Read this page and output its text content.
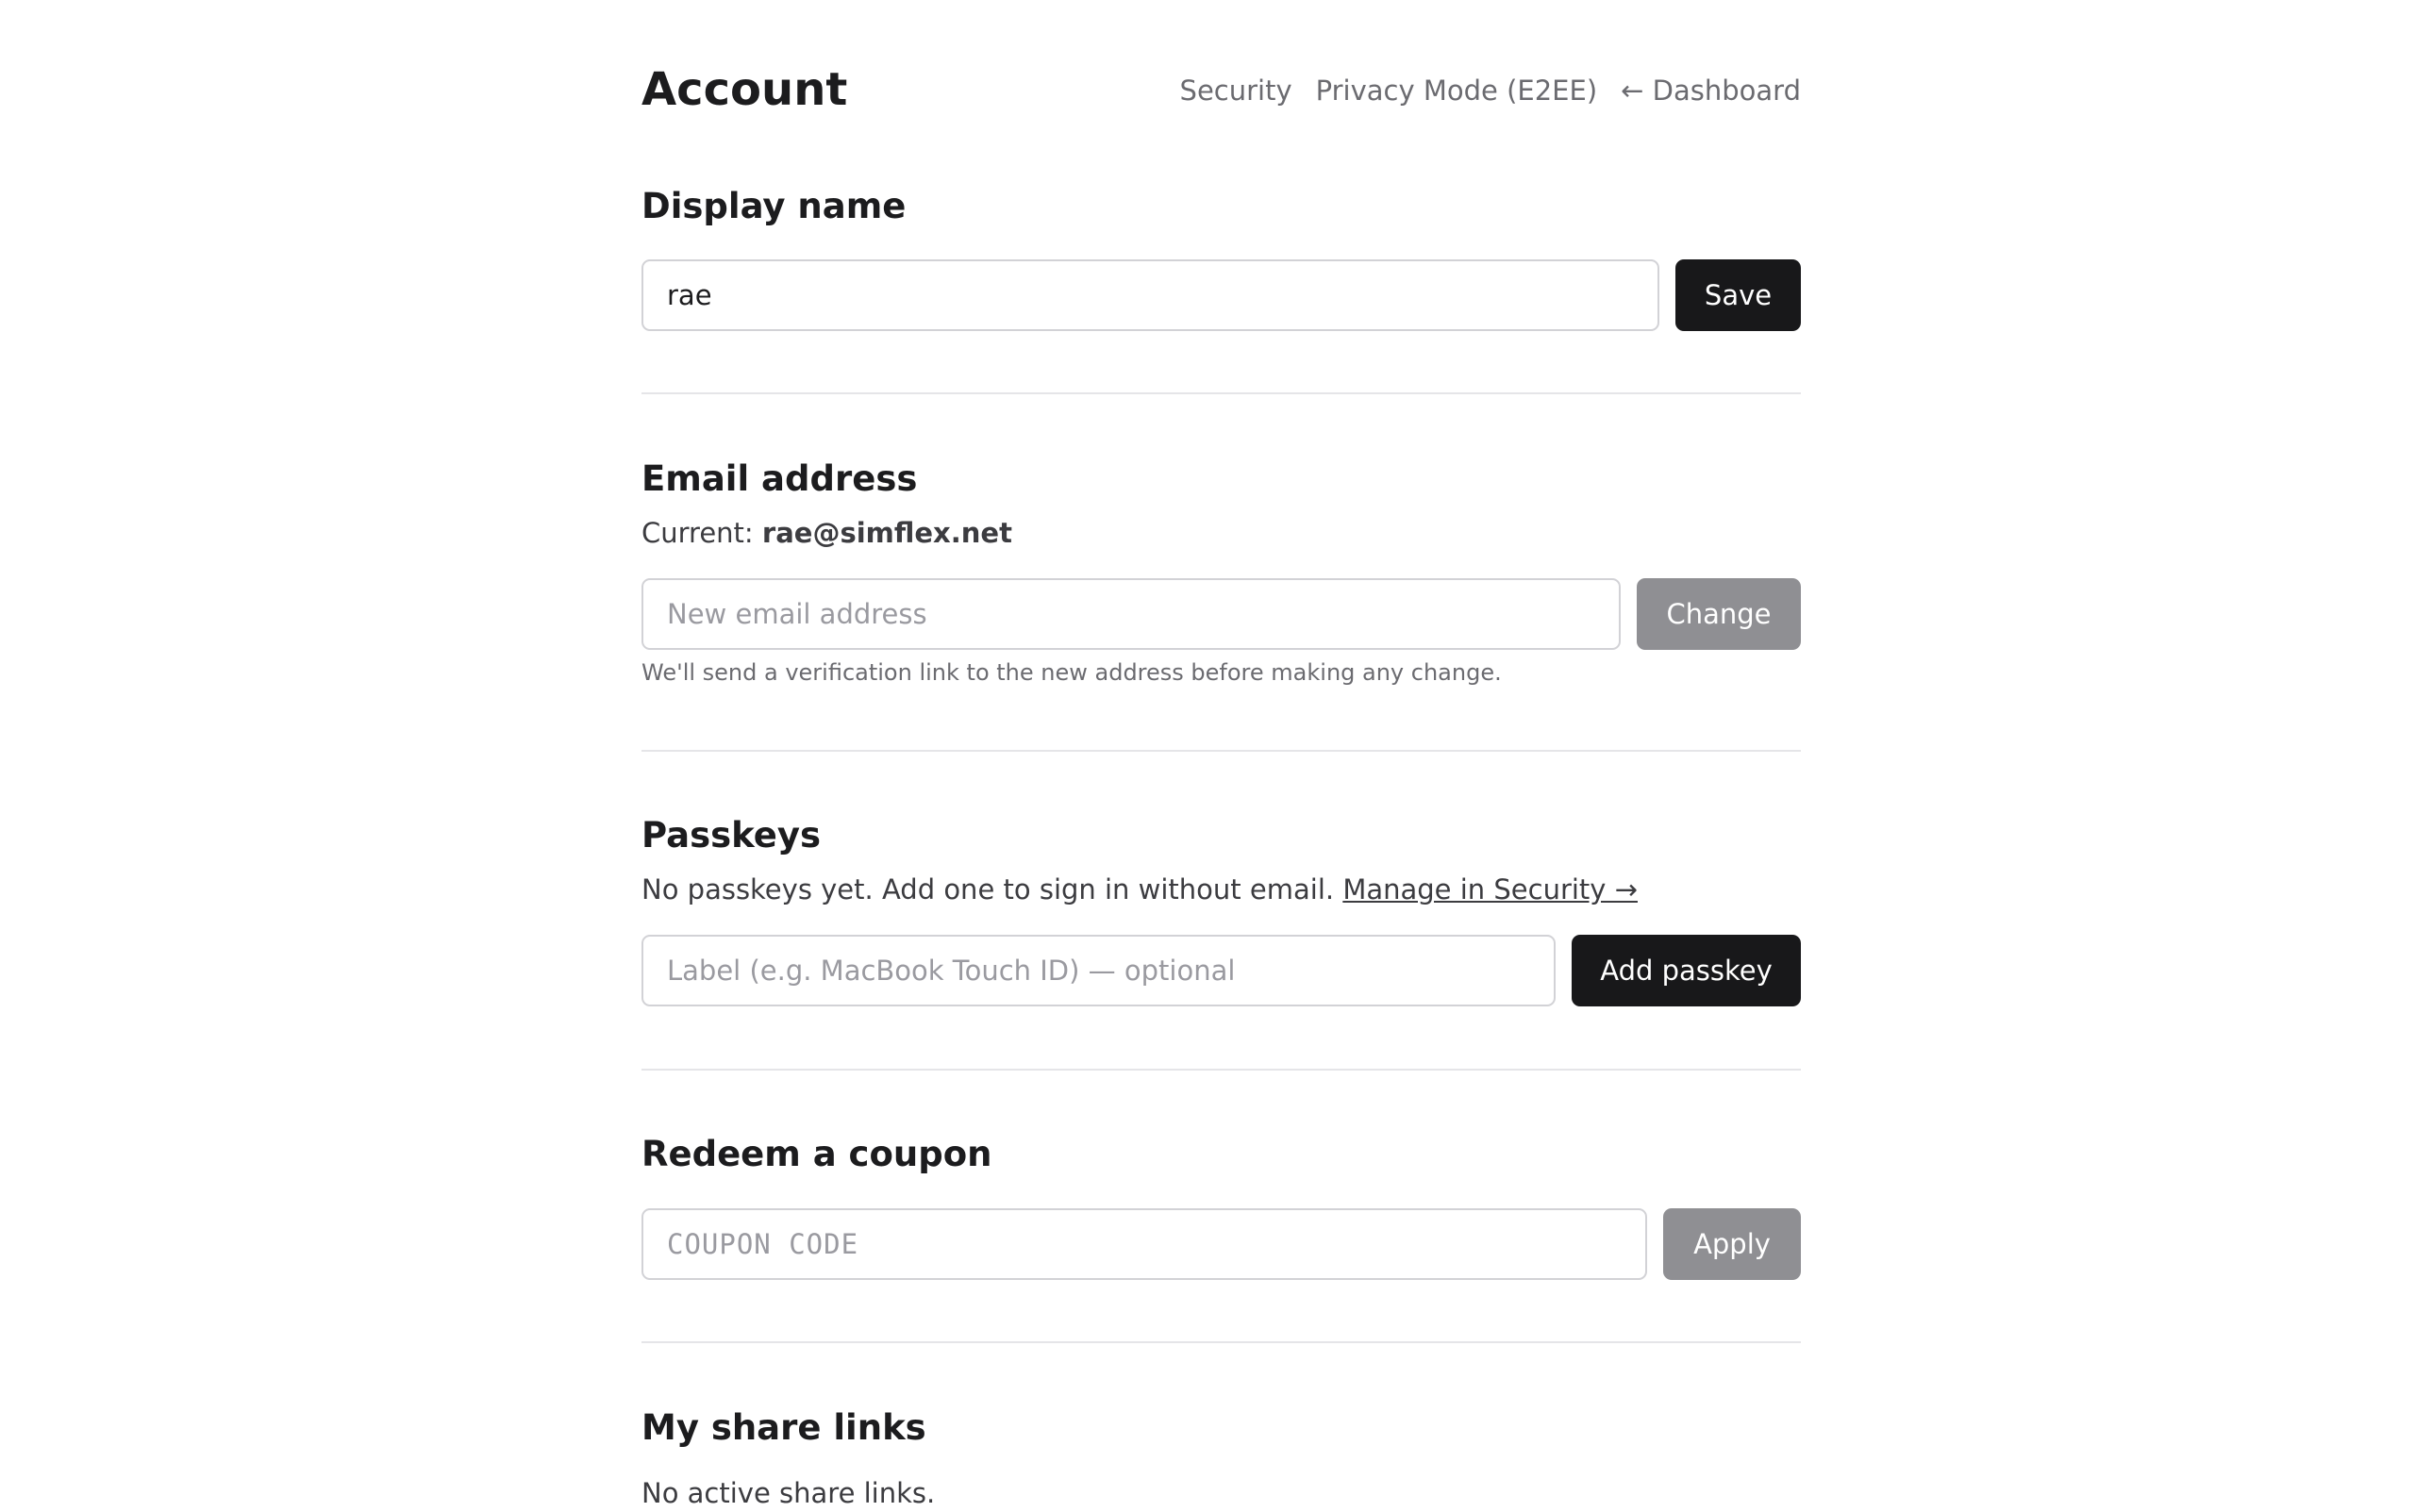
Account	Security Privacy Mode (E2EE) ← Dashboard
Display name
rae
Save
Email address
Current: rae@simflex.net
New email address
Change
We'll send a verification link to the new address before making any change.
Passkeys
No passkeys yet. Add one to sign in without email. Manage in Security →
Label (e.g. MacBook Touch ID) — optional
Add passkey
Redeem a coupon
COUPON CODE
Apply
My share links
No active share links.
